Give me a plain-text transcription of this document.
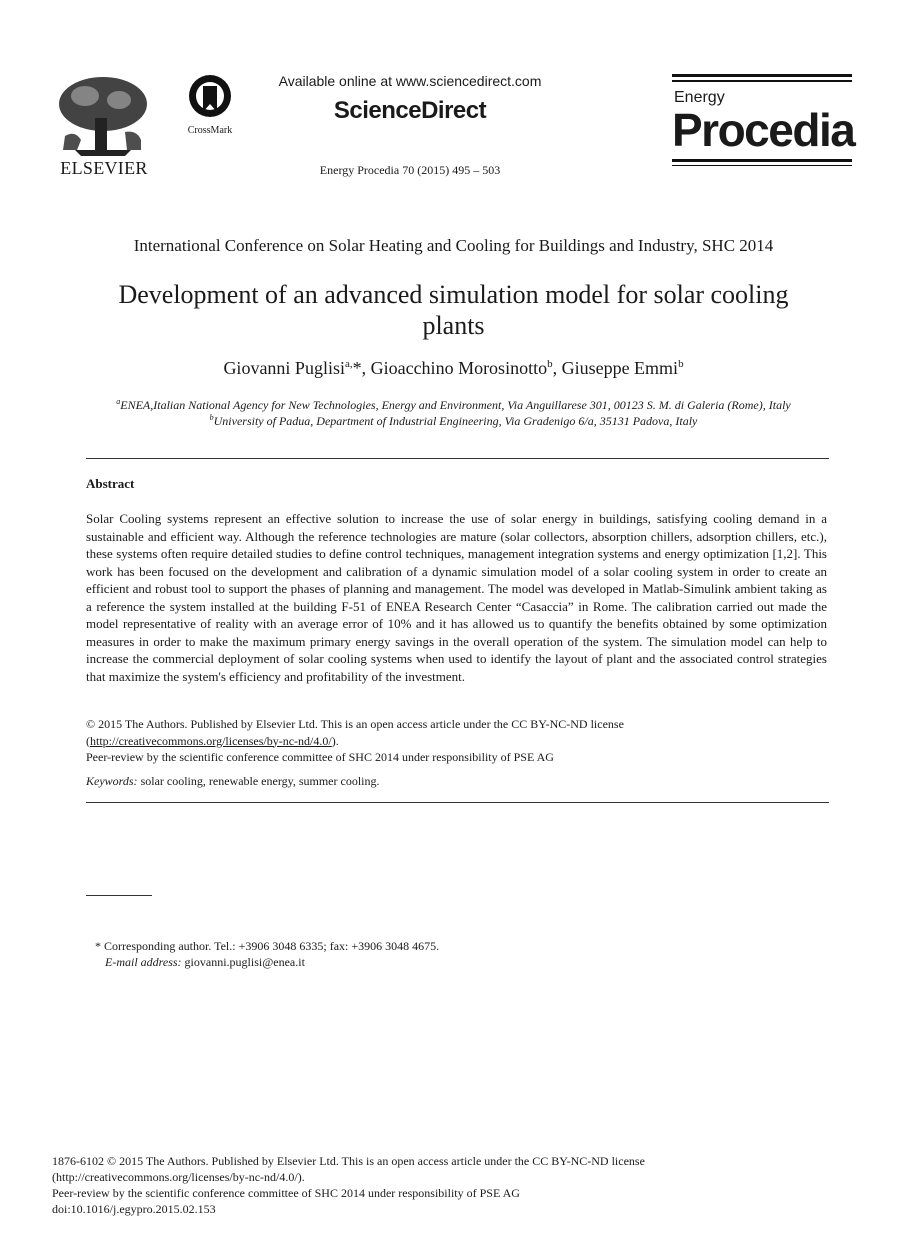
ELSEVIER
CrossMark
Available online at www.sciencedirect.com
ScienceDirect
Energy Procedia 70 (2015) 495 – 503
Energy
Procedia
International Conference on Solar Heating and Cooling for Buildings and Industry, SHC 2014
Development of an advanced simulation model for solar cooling
plants
Giovanni Puglisi$^{a,}$*, Gioacchino Morosinotto$^b$, Giuseppe Emmi$^b$
$^a$ENEA,Italian National Agency for New Technologies, Energy and Environment, Via Anguillarese 301, 00123 S. M. di Galeria (Rome), Italy
$^b$University of Padua, Department of Industrial Engineering, Via Gradenigo 6/a, 35131 Padova, Italy
Abstract
Solar Cooling systems represent an effective solution to increase the use of solar energy in buildings, satisfying cooling demand in a sustainable and efficient way. Although the reference technologies are mature (solar collectors, absorption chillers, adsorption chillers, etc.), these systems often require detailed studies to define control techniques, management integration systems and energy optimization [1,2]. This work has been focused on the development and calibration of a dynamic simulation model of a solar cooling system in order to create an efficient and robust tool to support the phases of planning and management. The model was developed in Matlab-Simulink ambient taking as a reference the system installed at the building F-51 of ENEA Research Center “Casaccia” in Rome. The calibration carried out made the model representative of reality with an average error of 10% and it has allowed us to quantify the benefits obtained by some optimization measures in order to make the maximum primary energy savings in the overall operation of the system. The simulation model can help to increase the commercial deployment of solar cooling systems when used to identify the layout of plant and the associated control strategies that maximize the system's efficiency and profitability of the investment.
© 2015 The Authors. Published by Elsevier Ltd. This is an open access article under the CC BY-NC-ND license
(http://creativecommons.org/licenses/by-nc-nd/4.0/).
Peer-review by the scientific conference committee of SHC 2014 under responsibility of PSE AG
Keywords: solar cooling, renewable energy, summer cooling.
* Corresponding author. Tel.: +3906 3048 6335; fax: +3906 3048 4675.
E-mail address: giovanni.puglisi@enea.it
1876-6102 © 2015 The Authors. Published by Elsevier Ltd. This is an open access article under the CC BY-NC-ND license
(http://creativecommons.org/licenses/by-nc-nd/4.0/).
Peer-review by the scientific conference committee of SHC 2014 under responsibility of PSE AG
doi:10.1016/j.egypro.2015.02.153
